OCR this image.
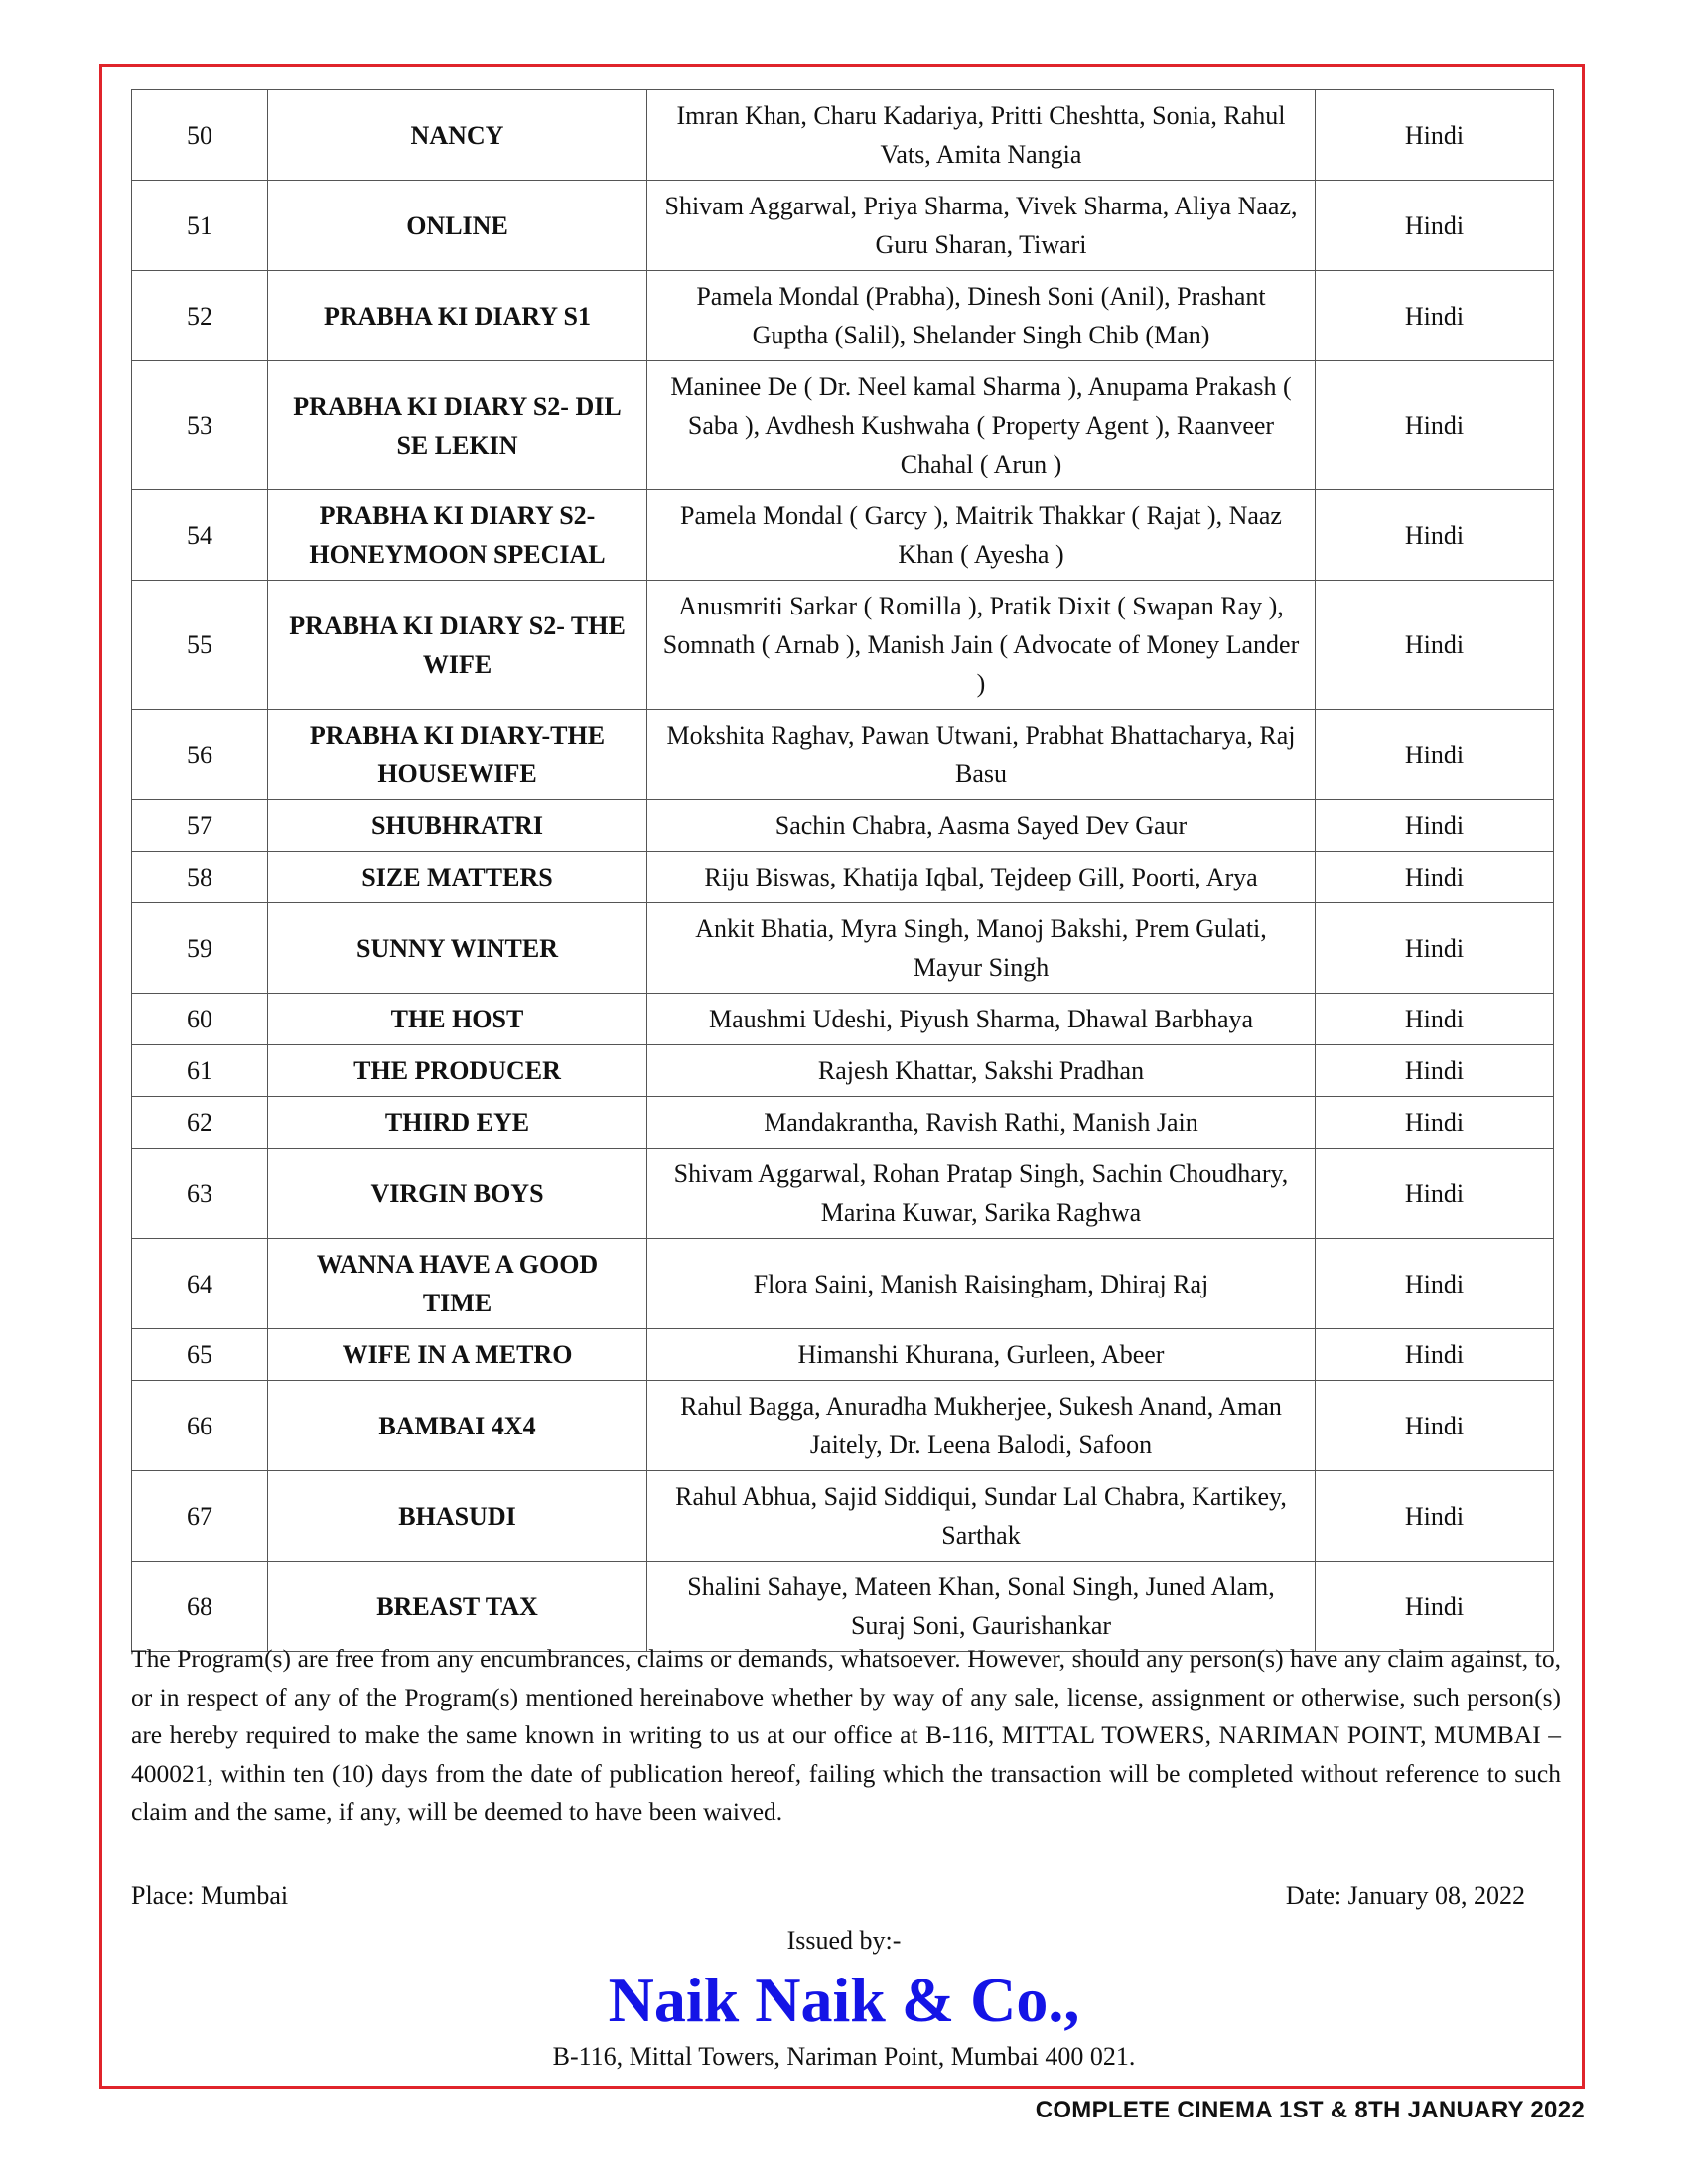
50	NANCY	Imran Khan, Charu Kadariya, Pritti Cheshtta, Sonia, Rahul Vats, Amita Nangia	Hindi
51	ONLINE	Shivam Aggarwal, Priya Sharma, Vivek Sharma, Aliya Naaz, Guru Sharan, Tiwari	Hindi
52	PRABHA KI DIARY S1	Pamela Mondal (Prabha), Dinesh Soni (Anil), Prashant Guptha (Salil), Shelander Singh Chib (Man)	Hindi
53	PRABHA KI DIARY S2- DIL SE LEKIN	Maninee De ( Dr. Neel kamal Sharma ), Anupama Prakash ( Saba ), Avdhesh Kushwaha ( Property Agent ), Raanveer Chahal ( Arun )	Hindi
54	PRABHA KI DIARY S2- HONEYMOON SPECIAL	Pamela Mondal ( Garcy ), Maitrik Thakkar ( Rajat ), Naaz Khan ( Ayesha )	Hindi
55	PRABHA KI DIARY S2- THE WIFE	Anusmriti Sarkar ( Romilla ), Pratik Dixit ( Swapan Ray ), Somnath ( Arnab ), Manish Jain ( Advocate of Money Lander )	Hindi
56	PRABHA KI DIARY-THE HOUSEWIFE	Mokshita Raghav, Pawan Utwani, Prabhat Bhattacharya, Raj Basu	Hindi
57	SHUBHRATRI	Sachin Chabra, Aasma Sayed Dev Gaur	Hindi
58	SIZE MATTERS	Riju Biswas, Khatija Iqbal, Tejdeep Gill, Poorti, Arya	Hindi
59	SUNNY WINTER	Ankit Bhatia, Myra Singh, Manoj Bakshi, Prem Gulati, Mayur Singh	Hindi
60	THE HOST	Maushmi Udeshi, Piyush Sharma, Dhawal Barbhaya	Hindi
61	THE PRODUCER	Rajesh Khattar, Sakshi Pradhan	Hindi
62	THIRD EYE	Mandakrantha, Ravish Rathi, Manish Jain	Hindi
63	VIRGIN BOYS	Shivam Aggarwal, Rohan Pratap Singh, Sachin Choudhary, Marina Kuwar, Sarika Raghwa	Hindi
64	WANNA HAVE A GOOD TIME	Flora Saini, Manish Raisingham, Dhiraj Raj	Hindi
65	WIFE IN A METRO	Himanshi Khurana, Gurleen, Abeer	Hindi
66	BAMBAI 4X4	Rahul Bagga, Anuradha Mukherjee, Sukesh Anand, Aman Jaitely, Dr. Leena Balodi, Safoon	Hindi
67	BHASUDI	Rahul Abhua, Sajid Siddiqui, Sundar Lal Chabra, Kartikey, Sarthak	Hindi
68	BREAST TAX	Shalini Sahaye, Mateen Khan, Sonal Singh, Juned Alam, Suraj Soni, Gaurishankar	Hindi
The Program(s) are free from any encumbrances, claims or demands, whatsoever. However, should any person(s) have any claim against, to, or in respect of any of the Program(s) mentioned hereinabove whether by way of any sale, license, assignment or otherwise, such person(s) are hereby required to make the same known in writing to us at our office at B-116, MITTAL TOWERS, NARIMAN POINT, MUMBAI – 400021, within ten (10) days from the date of publication hereof, failing which the transaction will be completed without reference to such claim and the same, if any, will be deemed to have been waived.
Place: Mumbai	Date: January 08, 2022
Issued by:-
Naik Naik & Co.,
B-116, Mittal Towers, Nariman Point, Mumbai 400 021.
COMPLETE CINEMA 1ST & 8TH JANUARY 2022
